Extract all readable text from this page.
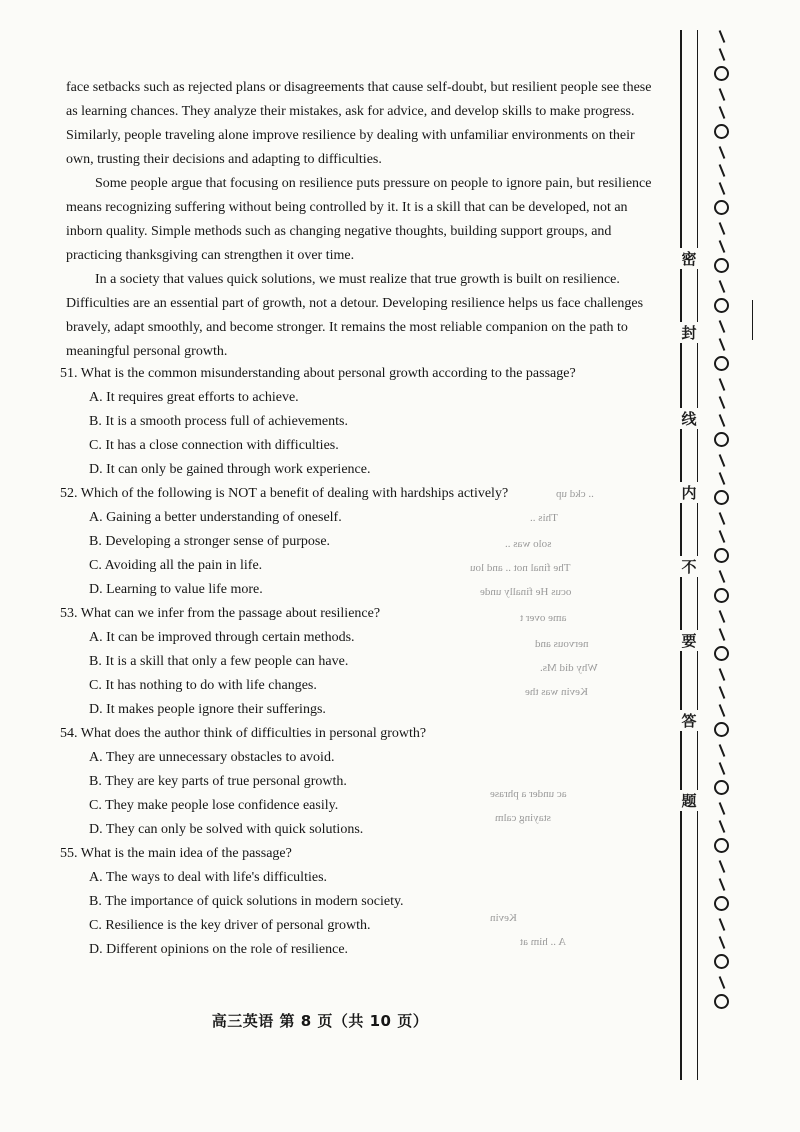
face setbacks such as rejected plans or disagreements that cause self-doubt, but resilient people see these as learning chances. They analyze their mistakes, ask for advice, and develop skills to make progress. Similarly, people traveling alone improve resilience by dealing with unfamiliar environments on their own, trusting their decisions and adapting to difficulties.

Some people argue that focusing on resilience puts pressure on people to ignore pain, but resilience means recognizing suffering without being controlled by it. It is a skill that can be developed, not an inborn quality. Simple methods such as changing negative thoughts, building support groups, and practicing thanksgiving can strengthen it over time.

In a society that values quick solutions, we must realize that true growth is built on resilience. Difficulties are an essential part of growth, not a detour. Developing resilience helps us face challenges bravely, adapt smoothly, and become stronger. It remains the most reliable companion on the path to meaningful personal growth.

51. What is the common misunderstanding about personal growth according to the passage?

A. It requires great efforts to achieve.
B. It is a smooth process full of achievements.
C. It has a close connection with difficulties.
D. It can only be gained through work experience.

52. Which of the following is NOT a benefit of dealing with hardships actively?

A. Gaining a better understanding of oneself.
B. Developing a stronger sense of purpose.
C. Avoiding all the pain in life.
D. Learning to value life more.

53. What can we infer from the passage about resilience?

A. It can be improved through certain methods.
B. It is a skill that only a few people can have.
C. It has nothing to do with life changes.
D. It makes people ignore their sufferings.

54. What does the author think of difficulties in personal growth?

A. They are unnecessary obstacles to avoid.
B. They are key parts of true personal growth.
C. They make people lose confidence easily.
D. They can only be solved with quick solutions.

55. What is the main idea of the passage?

A. The ways to deal with life's difficulties.
B. The importance of quick solutions in modern society.
C. Resilience is the key driver of personal growth.
D. Different opinions on the role of resilience.
高三英语 第 8 页（共 10 页）
密
封
线
内
不
要
答
题
.. ckd up
This ..
solo was ..
The final not .. and lou
ocus He finally unde
ame over t
nervous and
Why did Ms.
Kevin was the
ac under a phrase
staying calm
Kevin
A .. him at
